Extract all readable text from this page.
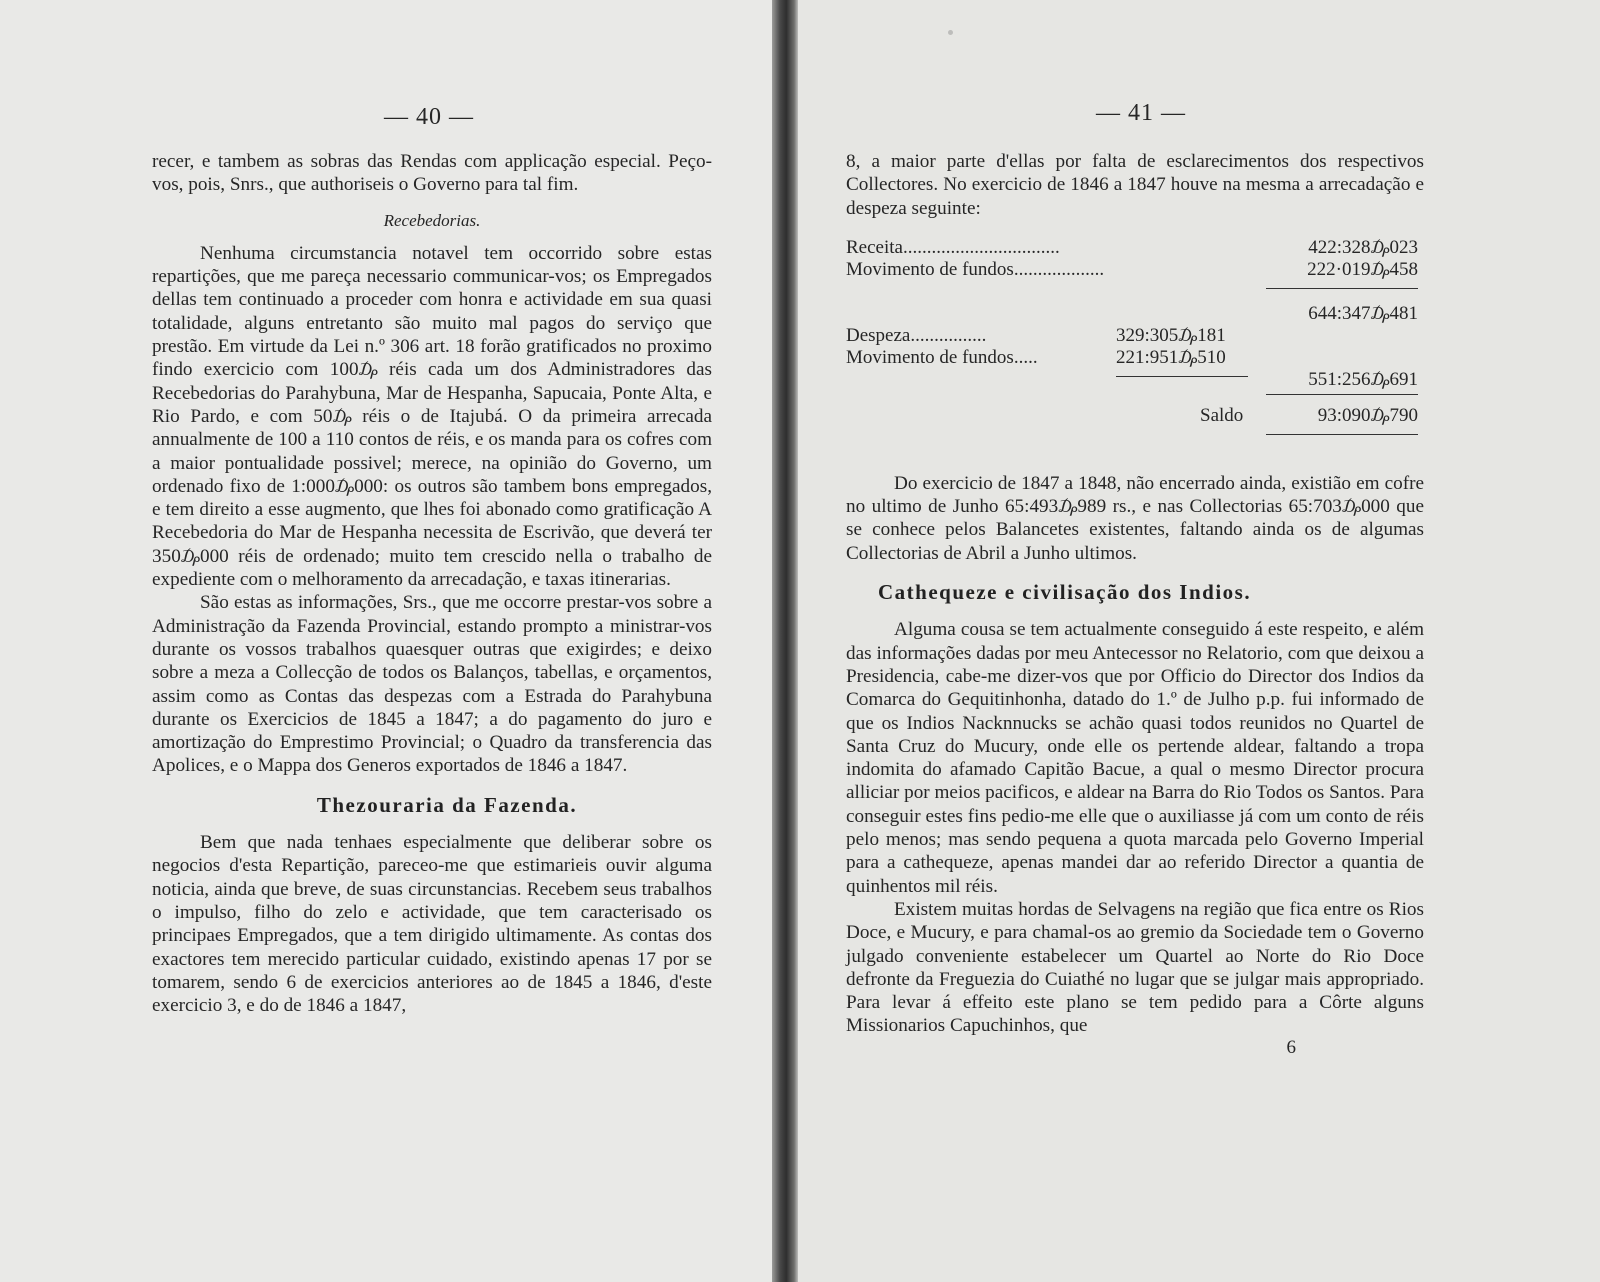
— 40 —

recer, e tambem as sobras das Rendas com applicação especial. Peço-vos, pois, Snrs., que authoriseis o Governo para tal fim.

Recebedorias.

Nenhuma circumstancia notavel tem occorrido sobre estas repartições, que me pareça necessario communicar-vos; os Empregados dellas tem continuado a proceder com honra e actividade em sua quasi totalidade, alguns entretanto são muito mal pagos do serviço que prestão. Em virtude da Lei n.º 306 art. 18 forão gratificados no proximo findo exercicio com 100₯ réis cada um dos Administradores das Recebedorias do Parahybuna, Mar de Hespanha, Sapucaia, Ponte Alta, e Rio Pardo, e com 50₯ réis o de Itajubá. O da primeira arrecada annualmente de 100 a 110 contos de réis, e os manda para os cofres com a maior pontualidade possivel; merece, na opinião do Governo, um ordenado fixo de 1:000₯000: os outros são tambem bons empregados, e tem direito a esse augmento, que lhes foi abonado como gratificação A Recebedoria do Mar de Hespanha necessita de Escrivão, que deverá ter 350₯000 réis de ordenado; muito tem crescido nella o trabalho de expediente com o melhoramento da arrecadação, e taxas itinerarias.

São estas as informações, Srs., que me occorre prestar-vos sobre a Administração da Fazenda Provincial, estando prompto a ministrar-vos durante os vossos trabalhos quaesquer outras que exigirdes; e deixo sobre a meza a Collecção de todos os Balanços, tabellas, e orçamentos, assim como as Contas das despezas com a Estrada do Parahybuna durante os Exercicios de 1845 a 1847; a do pagamento do juro e amortização do Emprestimo Provincial; o Quadro da transferencia das Apolices, e o Mappa dos Generos exportados de 1846 a 1847.

Thezouraria da Fazenda.

Bem que nada tenhaes especialmente que deliberar sobre os negocios d'esta Repartição, pareceo-me que estimarieis ouvir alguma noticia, ainda que breve, de suas circunstancias. Recebem seus trabalhos o impulso, filho do zelo e actividade, que tem caracterisado os principaes Empregados, que a tem dirigido ultimamente. As contas dos exactores tem merecido particular cuidado, existindo apenas 17 por se tomarem, sendo 6 de exercicios anteriores ao de 1845 a 1846, d'este exercicio 3, e do de 1846 a 1847,

— 41 —

8, a maior parte d'ellas por falta de esclarecimentos dos respectivos Collectores. No exercicio de 1846 a 1847 houve na mesma a arrecadação e despeza seguinte:

Receita.................................	422:328₯023
Movimento de fundos...................	222·019₯458
644:347₯481
Despeza................	329:305₯181
Movimento de fundos.....	221:951₯510
551:256₯691
Saldo	93:090₯790

Do exercicio de 1847 a 1848, não encerrado ainda, existião em cofre no ultimo de Junho 65:493₯989 rs., e nas Collectorias 65:703₯000 que se conhece pelos Balancetes existentes, faltando ainda os de algumas Collectorias de Abril a Junho ultimos.

Cathequeze e civilisação dos Indios.

Alguma cousa se tem actualmente conseguido á este respeito, e além das informações dadas por meu Antecessor no Relatorio, com que deixou a Presidencia, cabe-me dizer-vos que por Officio do Director dos Indios da Comarca do Gequitinhonha, datado do 1.º de Julho p.p. fui informado de que os Indios Nacknnucks se achão quasi todos reunidos no Quartel de Santa Cruz do Mucury, onde elle os pertende aldear, faltando a tropa indomita do afamado Capitão Bacue, a qual o mesmo Director procura alliciar por meios pacificos, e aldear na Barra do Rio Todos os Santos. Para conseguir estes fins pedio-me elle que o auxiliasse já com um conto de réis pelo menos; mas sendo pequena a quota marcada pelo Governo Imperial para a cathequeze, apenas mandei dar ao referido Director a quantia de quinhentos mil réis.

Existem muitas hordas de Selvagens na região que fica entre os Rios Doce, e Mucury, e para chamal-os ao gremio da Sociedade tem o Governo julgado conveniente estabelecer um Quartel ao Norte do Rio Doce defronte da Freguezia do Cuiathé no lugar que se julgar mais appropriado. Para levar á effeito este plano se tem pedido para a Côrte alguns Missionarios Capuchinhos, que

6
